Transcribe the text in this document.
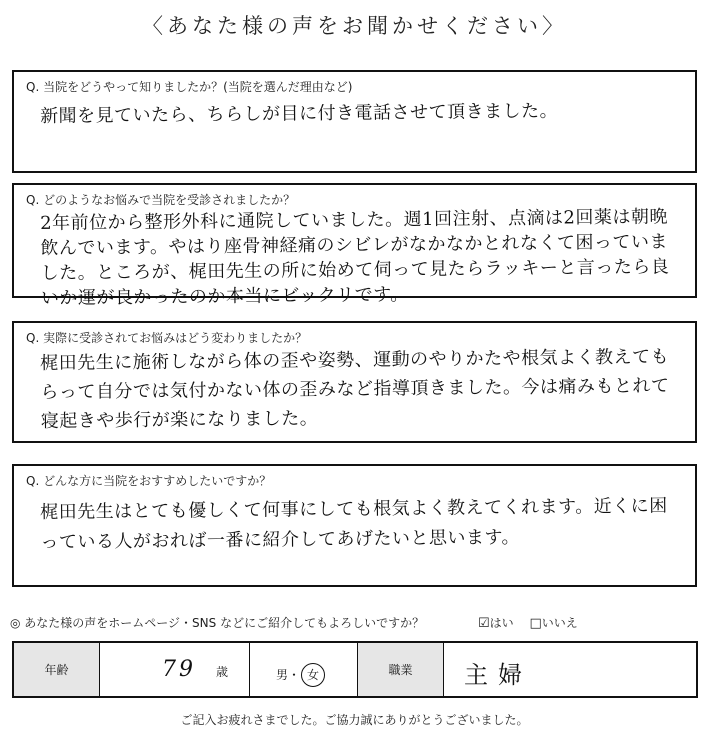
〈あなた様の声をお聞かせください〉
Q. 当院をどうやって知りましたか？(当院を選んだ理由など)
新聞を見ていたら、ちらしが目に付き電話させて頂きました。
Q. どのようなお悩みで当院を受診されましたか？
2年前位から整形外科に通院していました。週1回注射、点滴は2回薬は朝晩飲んでいます。やはり座骨神経痛のシビレがなかなかとれなくて困っていました。ところが、梶田先生の所に始めて伺って見たらラッキーと言ったら良いか運が良かったのか本当にビックリです。
Q. 実際に受診されてお悩みはどう変わりましたか？
梶田先生に施術しながら体の歪や姿勢、運動のやりかたや根気よく教えてもらって自分では気付かない体の歪みなど指導頂きました。今は痛みもとれて寝起きや歩行が楽になりました。
Q. どんな方に当院をおすすめしたいですか？
梶田先生はとても優しくて何事にしても根気よく教えてくれます。近くに困っている人がおれば一番に紹介してあげたいと思います。
◎ あなた様の声をホームページ・SNS などにご紹介してもよろしいですか？	☑はい □いいえ
年齢	79 歳	男・ 女	職業 主婦
ご記入お疲れさまでした。ご協力誠にありがとうございました。
